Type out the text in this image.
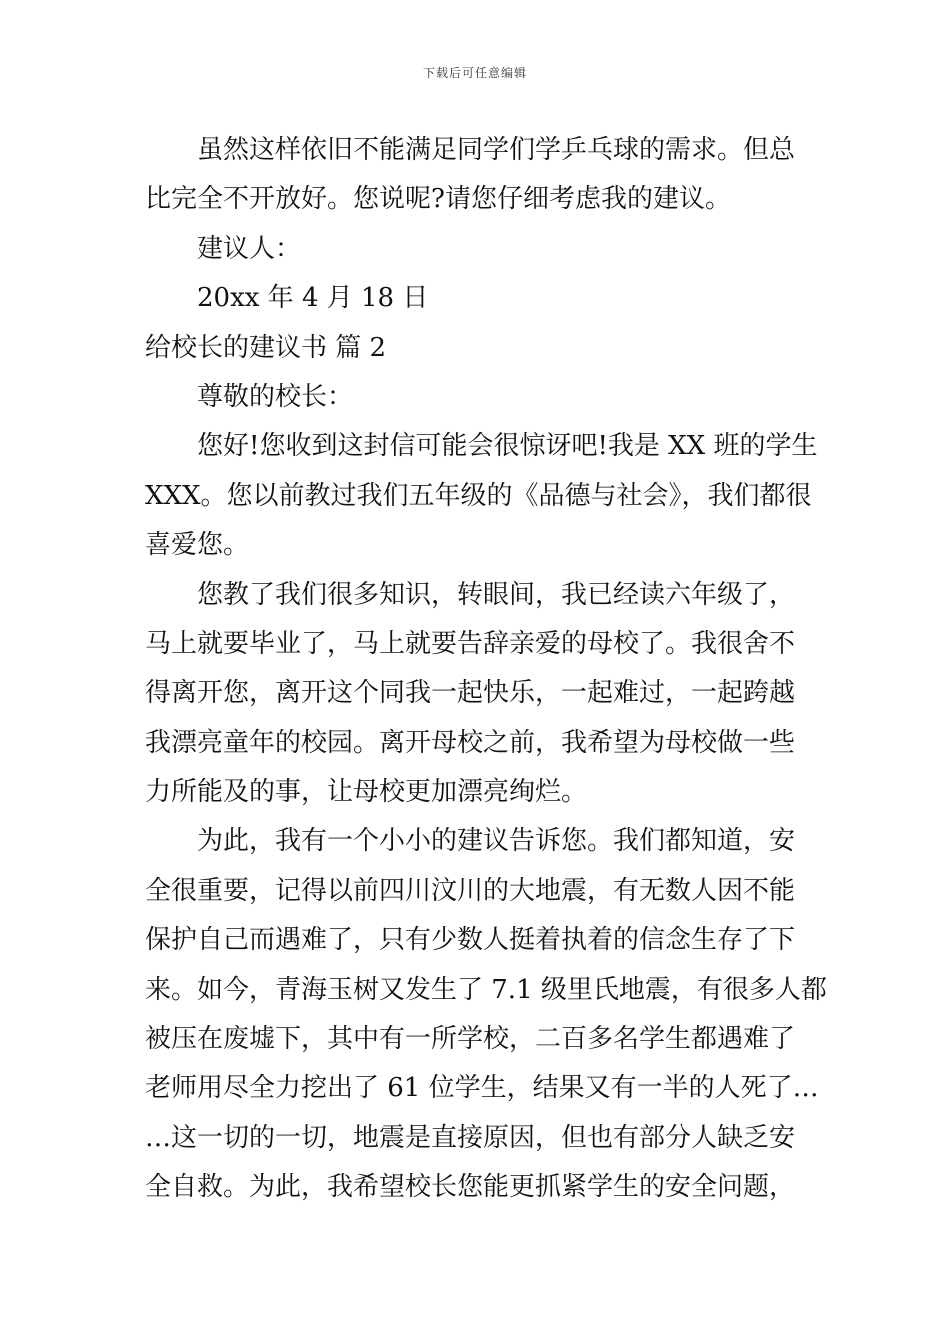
下载后可任意编辑
虽然这样依旧不能满足同学们学乒乓球的需求。但总
比完全不开放好。您说呢?请您仔细考虑我的建议。
建议人：
20xx 年 4 月 18 日
给校长的建议书 篇 2
尊敬的校长：
您好!您收到这封信可能会很惊讶吧!我是 XX 班的学生
XXX。您以前教过我们五年级的《品德与社会》，我们都很
喜爱您。
您教了我们很多知识，转眼间，我已经读六年级了，
马上就要毕业了，马上就要告辞亲爱的母校了。我很舍不
得离开您，离开这个同我一起快乐，一起难过，一起跨越
我漂亮童年的校园。离开母校之前，我希望为母校做一些
力所能及的事，让母校更加漂亮绚烂。
为此，我有一个小小的建议告诉您。我们都知道，安
全很重要，记得以前四川汶川的大地震，有无数人因不能
保护自己而遇难了，只有少数人挺着执着的信念生存了下
来。如今，青海玉树又发生了 7.1 级里氏地震，有很多人都
被压在废墟下，其中有一所学校，二百多名学生都遇难了
老师用尽全力挖出了 61 位学生，结果又有一半的人死了…
…这一切的一切，地震是直接原因，但也有部分人缺乏安
全自救。为此，我希望校长您能更抓紧学生的安全问题，
